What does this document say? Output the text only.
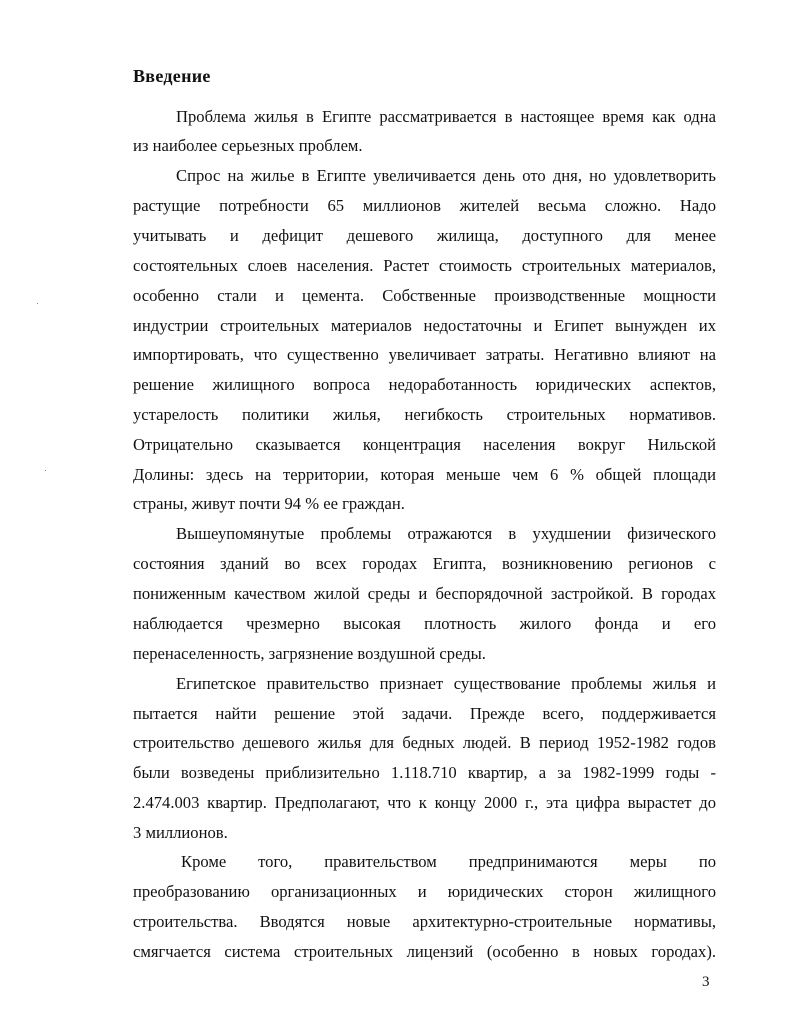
Введение

Проблема жилья в Египте рассматривается в настоящее время как одна

из наиболее серьезных проблем.

Спрос на жилье в Египте увеличивается день ото дня, но удовлетворить

растущие потребности 65 миллионов жителей весьма сложно. Надо

учитывать и дефицит дешевого жилища, доступного для менее

состоятельных слоев населения. Растет стоимость строительных материалов,

особенно стали и цемента. Собственные производственные мощности

индустрии строительных материалов недостаточны и Египет вынужден их

импортировать, что существенно увеличивает затраты. Негативно влияют на

решение жилищного вопроса недоработанность юридических аспектов,

устарелость политики жилья, негибкость строительных нормативов.

Отрицательно сказывается концентрация населения вокруг Нильской

Долины: здесь на территории, которая меньше чем 6 % общей площади

страны, живут почти 94 % ее граждан.

Вышеупомянутые проблемы отражаются в ухудшении физического

состояния зданий во всех городах Египта, возникновению регионов с

пониженным качеством жилой среды и беспорядочной застройкой. В городах

наблюдается чрезмерно высокая плотность жилого фонда и его

перенаселенность, загрязнение воздушной среды.

Египетское правительство признает существование проблемы жилья и

пытается найти решение этой задачи. Прежде всего, поддерживается

строительство дешевого жилья для бедных людей. В период 1952-1982 годов

были возведены приблизительно 1.118.710 квартир, а за 1982-1999 годы -

2.474.003 квартир. Предполагают, что к концу 2000 г., эта цифра вырастет до

3 миллионов.

Кроме того, правительством предпринимаются меры по

преобразованию организационных и юридических сторон жилищного

строительства. Вводятся новые архитектурно-строительные нормативы,

смягчается система строительных лицензий (особенно в новых городах).

3
